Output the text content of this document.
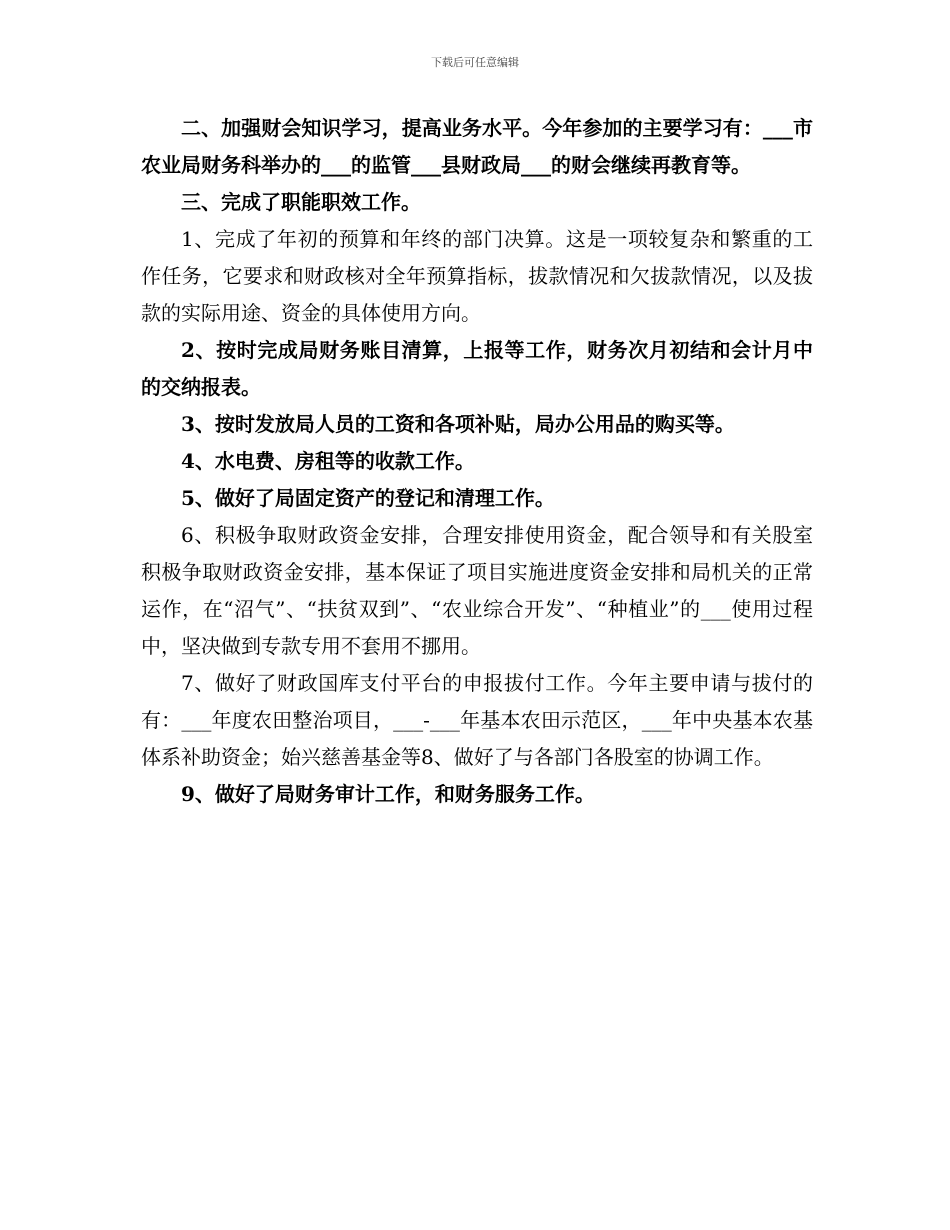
下载后可任意编辑

二、加强财会知识学习，提高业务水平。今年参加的主要学习有：___市农业局财务科举办的___的监管___县财政局___的财会继续再教育等。

三、完成了职能职效工作。

1、完成了年初的预算和年终的部门决算。这是一项较复杂和繁重的工作任务，它要求和财政核对全年预算指标，拔款情况和欠拔款情况，以及拔款的实际用途、资金的具体使用方向。

2、按时完成局财务账目清算，上报等工作，财务次月初结和会计月中的交纳报表。

3、按时发放局人员的工资和各项补贴，局办公用品的购买等。

4、水电费、房租等的收款工作。

5、做好了局固定资产的登记和清理工作。

6、积极争取财政资金安排，合理安排使用资金，配合领导和有关股室积极争取财政资金安排，基本保证了项目实施进度资金安排和局机关的正常运作，在“沼气”、“扶贫双到”、“农业综合开发”、“种植业”的___使用过程中，坚决做到专款专用不套用不挪用。

7、做好了财政国库支付平台的申报拔付工作。今年主要申请与拔付的有：___年度农田整治项目，___-___年基本农田示范区，___年中央基本农基体系补助资金；始兴慈善基金等8、做好了与各部门各股室的协调工作。

9、做好了局财务审计工作，和财务服务工作。
